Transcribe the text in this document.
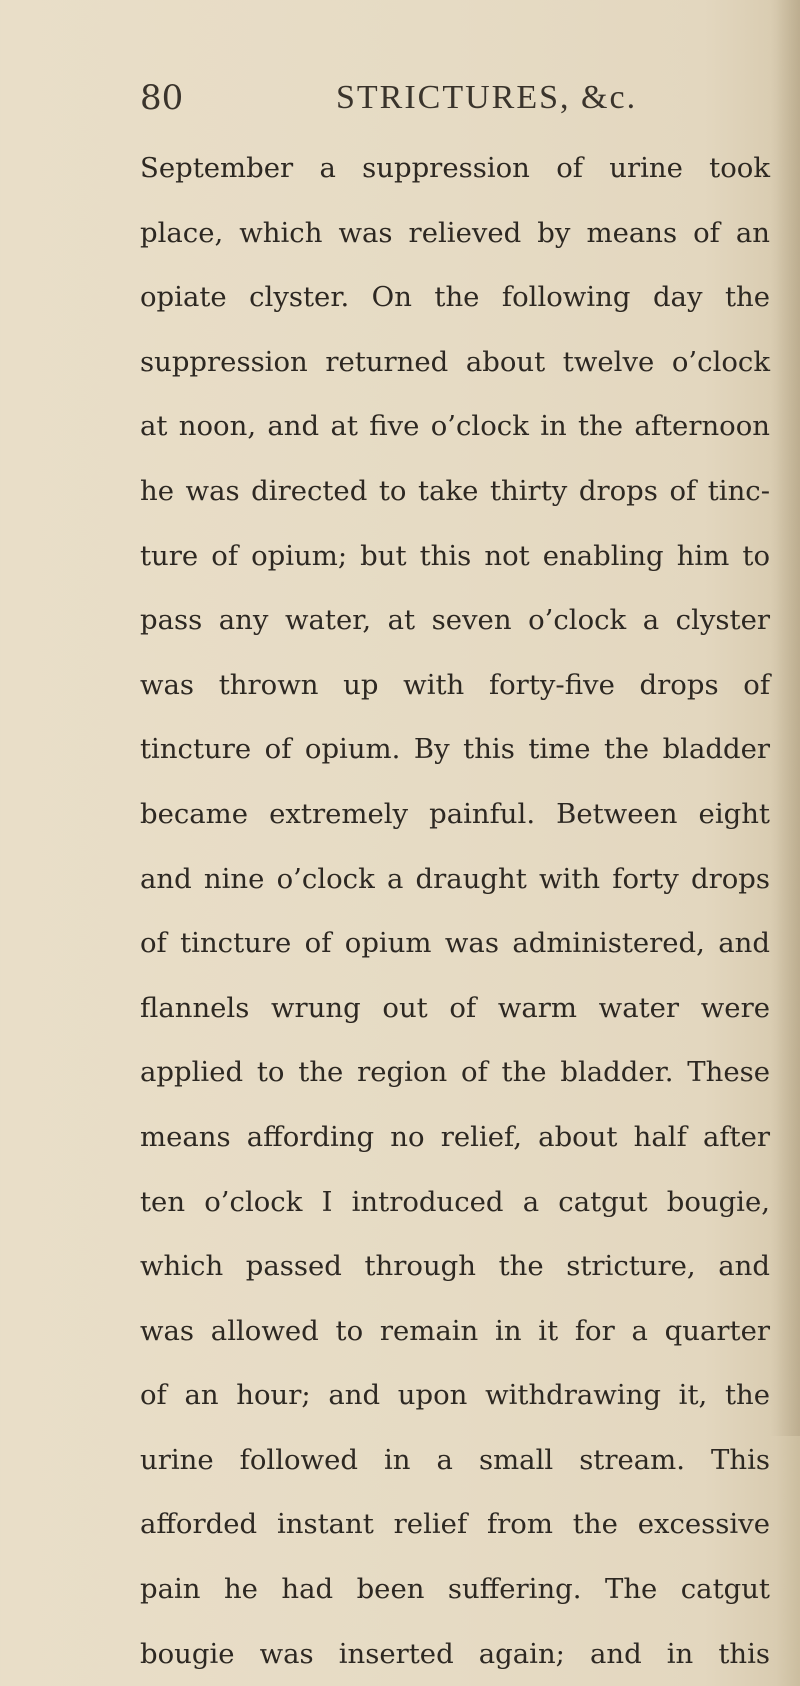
80	STRICTURES, &c.
September a suppression of urine took
place, which was relieved by means of an
opiate clyster. On the following day the
suppression returned about twelve o’clock
at noon, and at five o’clock in the afternoon
he was directed to take thirty drops of tinc-
ture of opium; but this not enabling him to
pass any water, at seven o’clock a clyster
was thrown up with forty-five drops of
tincture of opium. By this time the bladder
became extremely painful. Between eight
and nine o’clock a draught with forty drops
of tincture of opium was administered, and
flannels wrung out of warm water were
applied to the region of the bladder. These
means affording no relief, about half after
ten o’clock I introduced a catgut bougie,
which passed through the stricture, and
was allowed to remain in it for a quarter
of an hour; and upon withdrawing it, the
urine followed in a small stream. This
afforded instant relief from the excessive
pain he had been suffering. The catgut
bougie was inserted again; and in this
